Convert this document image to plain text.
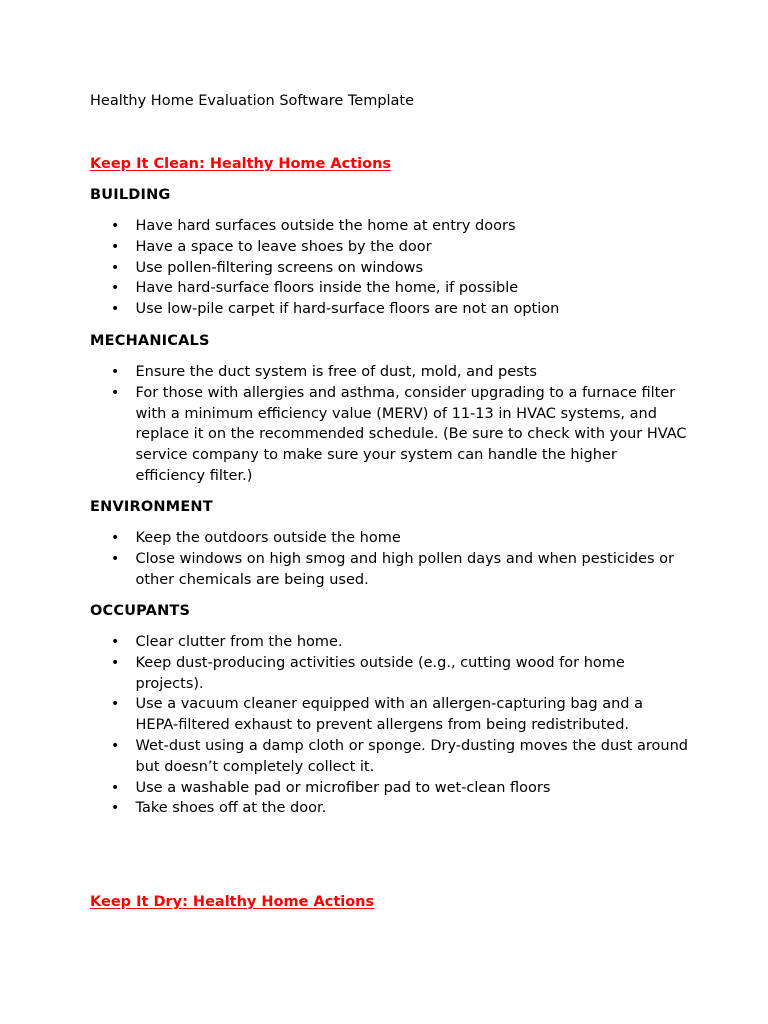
Healthy Home Evaluation Software Template
Keep It Clean: Healthy Home Actions
BUILDING
• Have hard surfaces outside the home at entry doors
• Have a space to leave shoes by the door
• Use pollen-filtering screens on windows
• Have hard-surface floors inside the home, if possible
• Use low-pile carpet if hard-surface floors are not an option
MECHANICALS
• Ensure the duct system is free of dust, mold, and pests
• For those with allergies and asthma, consider upgrading to a furnace filter with a minimum efficiency value (MERV) of 11-13 in HVAC systems, and replace it on the recommended schedule. (Be sure to check with your HVAC service company to make sure your system can handle the higher efficiency filter.)
ENVIRONMENT
• Keep the outdoors outside the home
• Close windows on high smog and high pollen days and when pesticides or other chemicals are being used.
OCCUPANTS
• Clear clutter from the home.
• Keep dust-producing activities outside (e.g., cutting wood for home projects).
• Use a vacuum cleaner equipped with an allergen-capturing bag and a HEPA-filtered exhaust to prevent allergens from being redistributed.
• Wet-dust using a damp cloth or sponge. Dry-dusting moves the dust around but doesn’t completely collect it.
• Use a washable pad or microfiber pad to wet-clean floors
• Take shoes off at the door.
Keep It Dry: Healthy Home Actions
